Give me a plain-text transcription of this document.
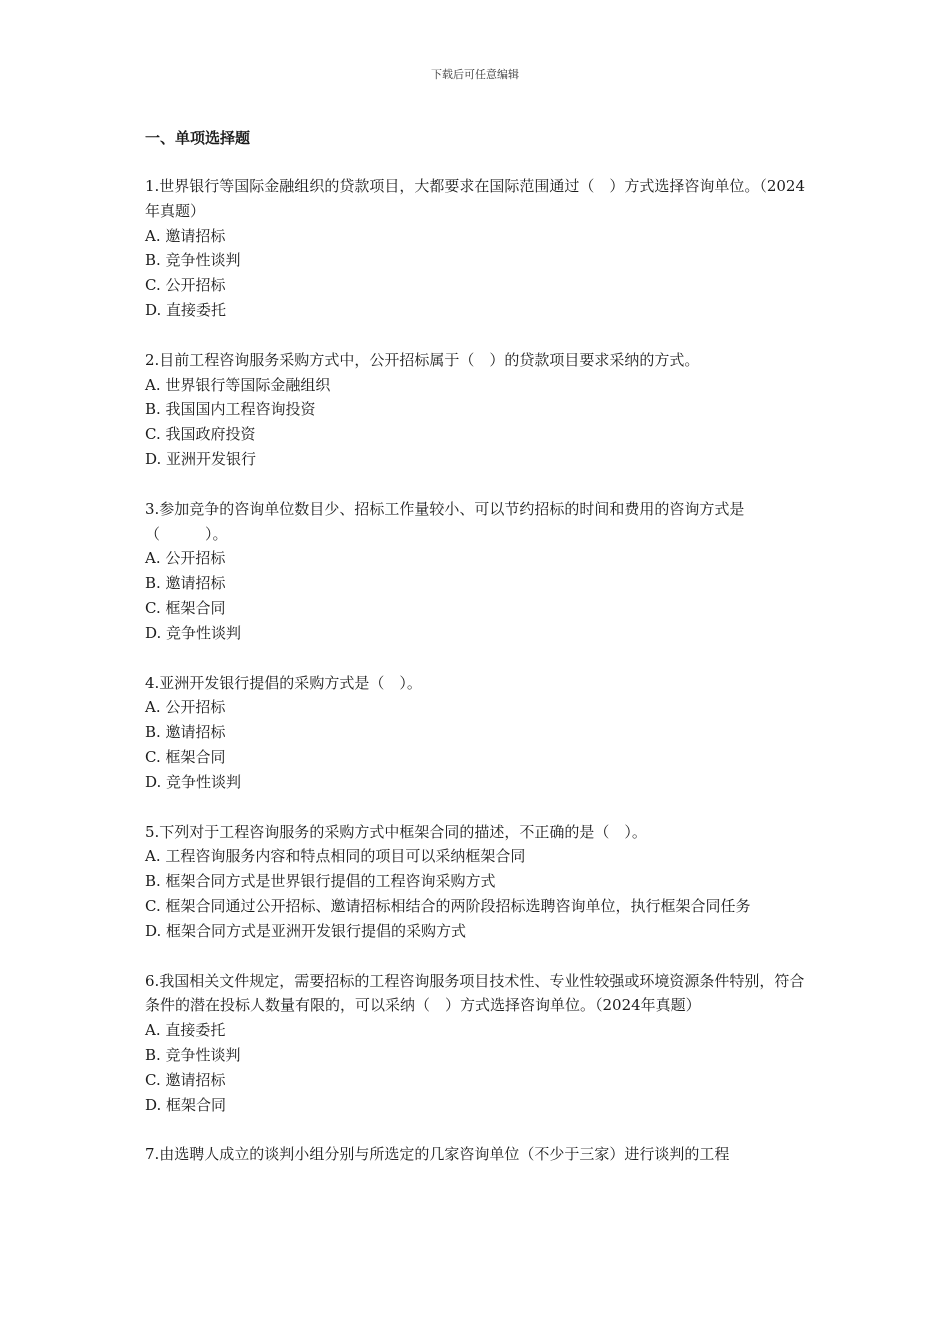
下载后可任意编辑
一、单项选择题

1.世界银行等国际金融组织的贷款项目，大都要求在国际范围通过（　）方式选择咨询单位。（2024年真题）

A. 邀请招标

B. 竞争性谈判

C. 公开招标

D. 直接委托

2.目前工程咨询服务采购方式中，公开招标属于（　）的贷款项目要求采纳的方式。

A. 世界银行等国际金融组织

B. 我国国内工程咨询投资

C. 我国政府投资

D. 亚洲开发银行

3.参加竞争的咨询单位数目少、招标工作量较小、可以节约招标的时间和费用的咨询方式是（　　　）。

A. 公开招标

B. 邀请招标

C. 框架合同

D. 竞争性谈判

4.亚洲开发银行提倡的采购方式是（　）。

A. 公开招标

B. 邀请招标

C. 框架合同

D. 竞争性谈判

5.下列对于工程咨询服务的采购方式中框架合同的描述，不正确的是（　）。

A. 工程咨询服务内容和特点相同的项目可以采纳框架合同

B. 框架合同方式是世界银行提倡的工程咨询采购方式

C. 框架合同通过公开招标、邀请招标相结合的两阶段招标选聘咨询单位，执行框架合同任务

D. 框架合同方式是亚洲开发银行提倡的采购方式

6.我国相关文件规定，需要招标的工程咨询服务项目技术性、专业性较强或环境资源条件特别，符合条件的潜在投标人数量有限的，可以采纳（　）方式选择咨询单位。（2024年真题）

A. 直接委托

B. 竞争性谈判

C. 邀请招标

D. 框架合同

7.由选聘人成立的谈判小组分别与所选定的几家咨询单位（不少于三家）进行谈判的工程
